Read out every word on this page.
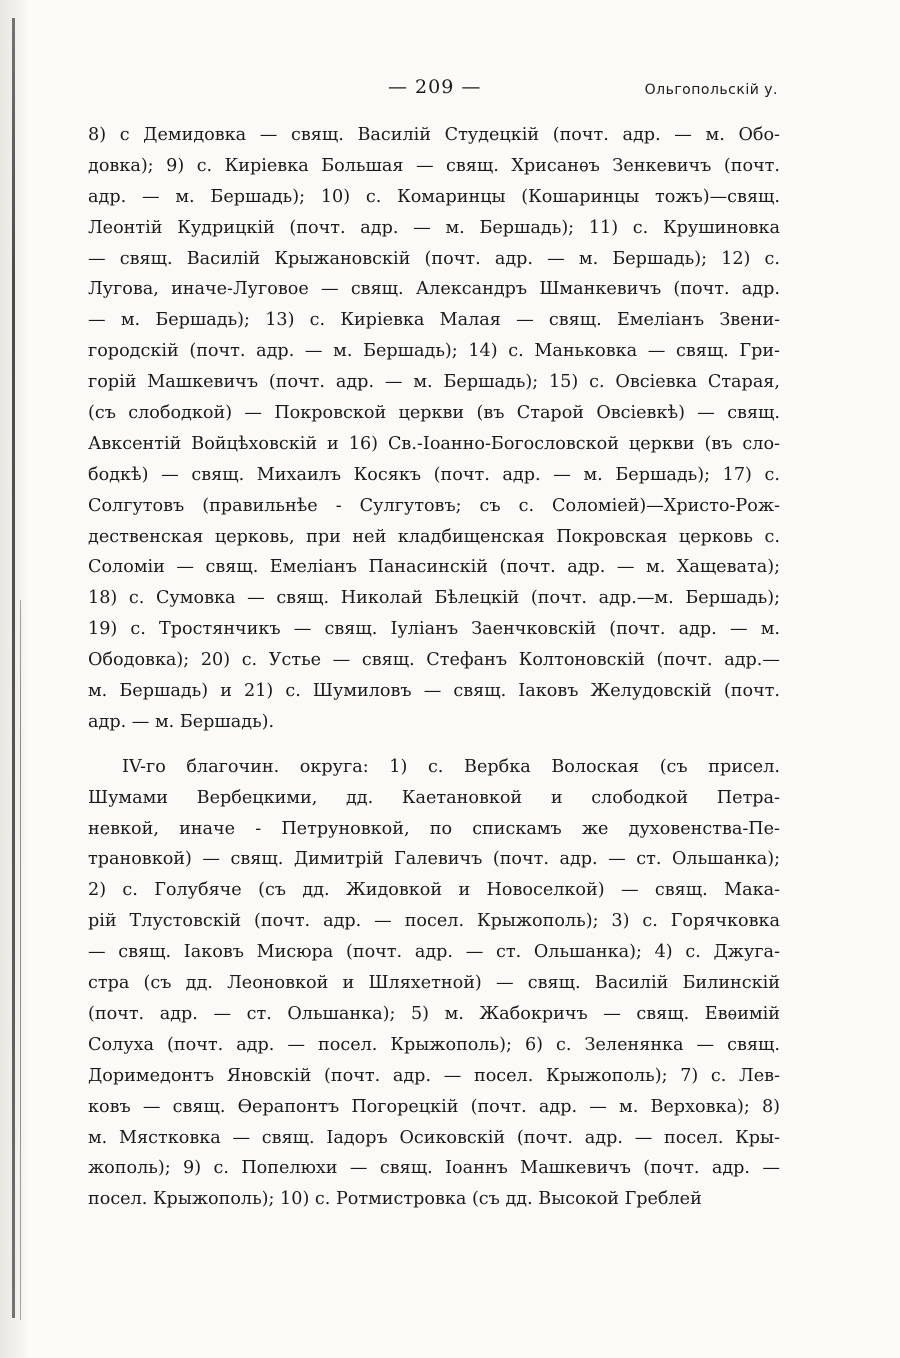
— 209 —	Ольгопольскій у.
8) с Демидовка — свящ. Василій Студецкій (почт. адр. — м. Обо-
довка); 9) с. Киріевка Большая — свящ. Хрисанѳъ Зенкевичъ (почт.
адр. — м. Бершадь); 10) с. Комаринцы (Кошаринцы тожъ)—свящ.
Леонтій Кудрицкій (почт. адр. — м. Бершадь); 11) с. Крушиновка
— свящ. Василій Крыжановскій (почт. адр. — м. Бершадь); 12) с.
Лугова, иначе-Луговое — свящ. Александръ Шманкевичъ (почт. адр.
— м. Бершадь); 13) с. Киріевка Малая — свящ. Емеліанъ Звени-
городскій (почт. адр. — м. Бершадь); 14) с. Маньковка — свящ. Гри-
горій Машкевичъ (почт. адр. — м. Бершадь); 15) с. Овсіевка Старая,
(съ слободкой) — Покровской церкви (въ Старой Овсіевкѣ) — свящ.
Авксентій Войцѣховскій и 16) Св.-Іоанно-Богословской церкви (въ сло-
бодкѣ) — свящ. Михаилъ Косякъ (почт. адр. — м. Бершадь); 17) с.
Солгутовъ (правильнѣе - Сулгутовъ; съ с. Соломіей)—Христо-Рож-
дественская церковь, при ней кладбищенская Покровская церковь с.
Соломіи — свящ. Емеліанъ Панасинскій (почт. адр. — м. Хащевата);
18) с. Сумовка — свящ. Николай Бѣлецкій (почт. адр.—м. Бершадь);
19) с. Тростянчикъ — свящ. Іуліанъ Заенчковскій (почт. адр. — м.
Ободовка); 20) с. Устье — свящ. Стефанъ Колтоновскій (почт. адр.—
м. Бершадь) и 21) с. Шумиловъ — свящ. Іаковъ Желудовскій (почт.
адр. — м. Бершадь).
IV-го благочин. округа: 1) с. Вербка Волоская (съ присел.
Шумами Вербецкими, дд. Каетановкой и слободкой Петра-
невкой, иначе - Петруновкой, по спискамъ же духовенства-Пе-
трановкой) — свящ. Димитрій Галевичъ (почт. адр. — ст. Ольшанка);
2) с. Голубяче (съ дд. Жидовкой и Новоселкой) — свящ. Мака-
рій Тлустовскій (почт. адр. — посел. Крыжополь); 3) с. Горячковка
— свящ. Іаковъ Мисюра (почт. адр. — ст. Ольшанка); 4) с. Джуга-
стра (съ дд. Леоновкой и Шляхетной) — свящ. Василій Билинскій
(почт. адр. — ст. Ольшанка); 5) м. Жабокричъ — свящ. Евѳимій
Солуха (почт. адр. — посел. Крыжополь); 6) с. Зеленянка — свящ.
Доримедонтъ Яновскій (почт. адр. — посел. Крыжополь); 7) с. Лев-
ковъ — свящ. Ѳерапонтъ Погорецкій (почт. адр. — м. Верховка); 8)
м. Мястковка — свящ. Іадоръ Осиковскій (почт. адр. — посел. Кры-
жополь); 9) с. Попелюхи — свящ. Іоаннъ Машкевичъ (почт. адр. —
посел. Крыжополь); 10) с. Ротмистровка (съ дд. Высокой Греблей
